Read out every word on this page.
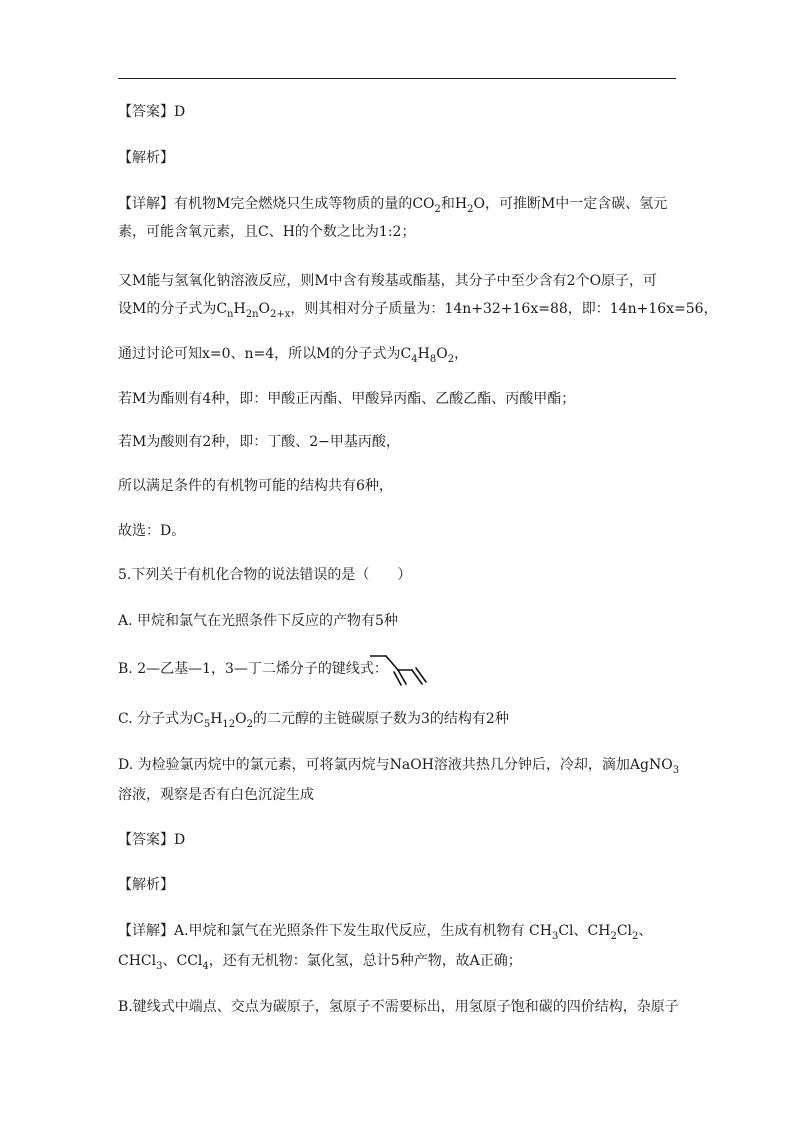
【答案】D
【解析】
【详解】有机物M完全燃烧只生成等物质的量的$CO_2$和$H_2O$，可推断M中一定含碳、氢元
素，可能含氧元素，且C、H的个数之比为1:2；
又M能与氢氧化钠溶液反应，则M中含有羧基或酯基，其分子中至少含有2个O原子，可
设M的分子式为$C_nH_{2n}O_{2+x}$，则其相对分子质量为：14n+32+16x=88，即：14n+16x=56，
通过讨论可知x=0、n=4，所以M的分子式为$C_4H_8O_2$，
若M为酯则有4种，即：甲酸正丙酯、甲酸异丙酯、乙酸乙酯、丙酸甲酯；
若M为酸则有2种，即：丁酸、2−甲基丙酸，
所以满足条件的有机物可能的结构共有6种，
故选：D。
5.下列关于有机化合物的说法错误的是（　　）
A. 甲烷和氯气在光照条件下反应的产物有5种
B. 2—乙基—1，3—丁二烯分子的键线式：
C. 分子式为$C_5H_{12}O_2$的二元醇的主链碳原子数为3的结构有2种
D. 为检验氯丙烷中的氯元素，可将氯丙烷与NaOH溶液共热几分钟后，冷却，滴加AgNO$_3$
溶液，观察是否有白色沉淀生成
【答案】D
【解析】
【详解】A.甲烷和氯气在光照条件下发生取代反应，生成有机物有 $CH_3Cl$、$CH_2Cl_2$、
CHCl$_3$、CCl$_4$，还有无机物：氯化氢，总计5种产物，故A正确；
B.键线式中端点、交点为碳原子，氢原子不需要标出，用氢原子饱和碳的四价结构，杂原子
